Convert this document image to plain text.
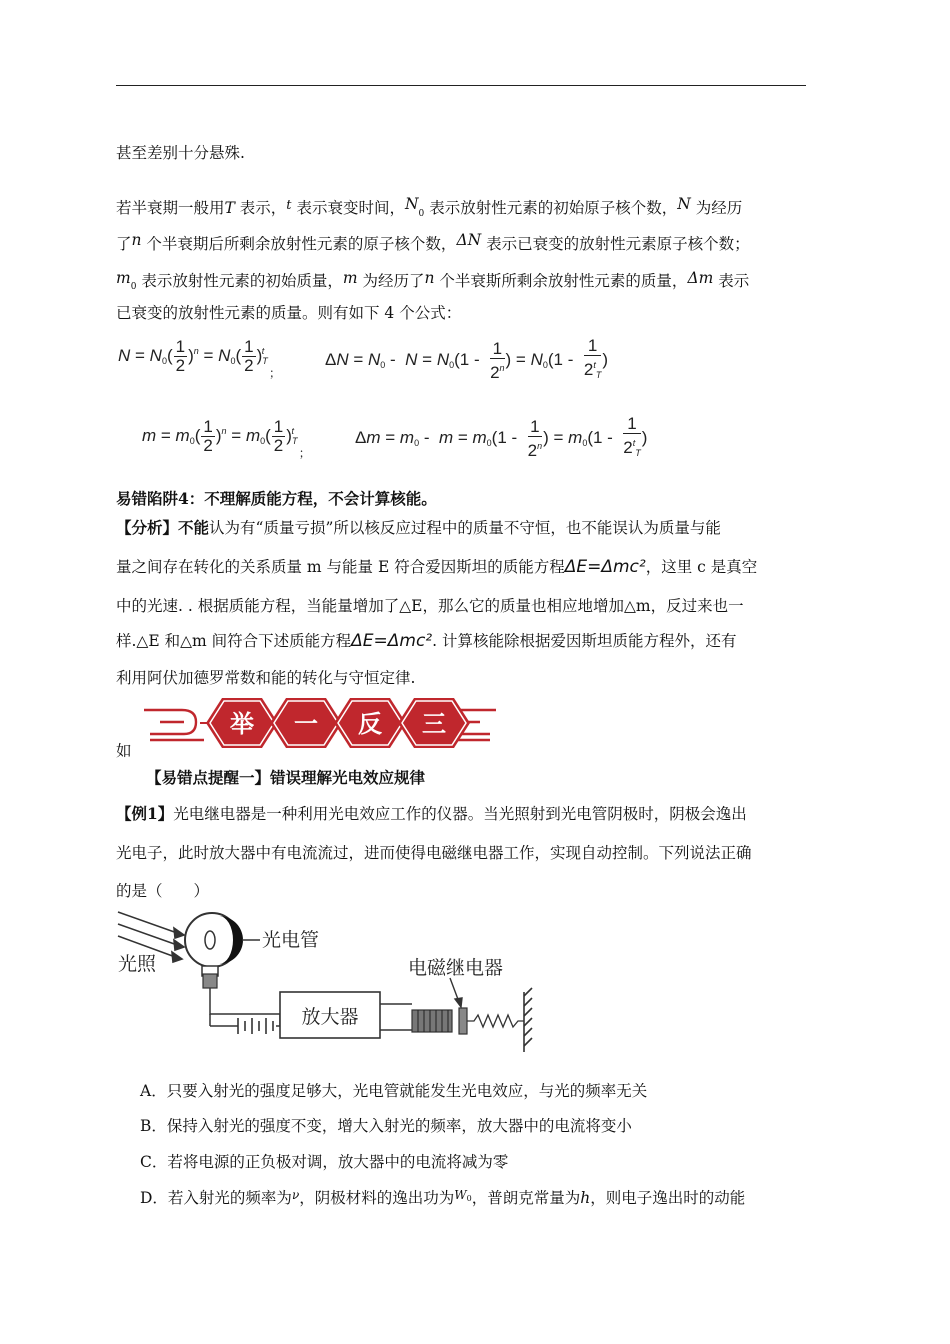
甚至差别十分悬殊.
若半衰期一般用T 表示，$^t$ 表示衰变时间，$N_0$ 表示放射性元素的初始原子核个数，N 为经历
了n 个半衰期后所剩余放射性元素的原子核个数，ΔN 表示已衰变的放射性元素原子核个数；
$m_0$ 表示放射性元素的初始质量，m 为经历了n 个半衰斯所剩余放射性元素的质量，Δm 表示
已衰变的放射性元素的质量。则有如下 4 个公式：
$N = N_0( \frac{1}{2} )^n = N_0( \frac{1}{2} )_T^t$ $_;$
$\Delta N = N_0 - N = N_0(1 - \frac{1}{2^n}$ ) = $N_0(1 - \frac{1}{2^t_T}$ )
$m = m_0( \frac{1}{2} )^n = m_0( \frac{1}{2} )_T^t$ $_;$
$\Delta m = m_0 - m = m_0(1 - \frac{1}{2^n}$ ) = $m_0(1 - \frac{1}{2^t_T}$ )
易错陷阱4：不理解质能方程，不会计算核能。
【分析】不能认为有“质量亏损”所以核反应过程中的质量不守恒，也不能误认为质量与能
量之间存在转化的关系质量 m 与能量 E 符合爱因斯坦的质能方程ΔE=Δmc²，这里 c 是真空
中的光速. . 根据质能方程，当能量增加了△E，那么它的质量也相应地增加△m，反过来也一
样.△E 和△m 间符合下述质能方程ΔE=Δmc². 计算核能除根据爱因斯坦质能方程外，还有
利用阿伏加德罗常数和能的转化与守恒定律.
如
举 一 反 三
【易错点提醒一】错误理解光电效应规律
【例1】光电继电器是一种利用光电效应工作的仪器。当光照射到光电管阴极时，阴极会逸出
光电子，此时放大器中有电流流过，进而使得电磁继电器工作，实现自动控制。下列说法正确
的是（　　）
光照
光电管
放大器
电磁继电器
A．只要入射光的强度足够大，光电管就能发生光电效应，与光的频率无关
B．保持入射光的强度不变，增大入射光的频率，放大器中的电流将变小
C．若将电源的正负极对调，放大器中的电流将减为零
D．若入射光的频率为$^\nu$，阴极材料的逸出功为$^{W0}$，普朗克常量为h，则电子逸出时的动能
